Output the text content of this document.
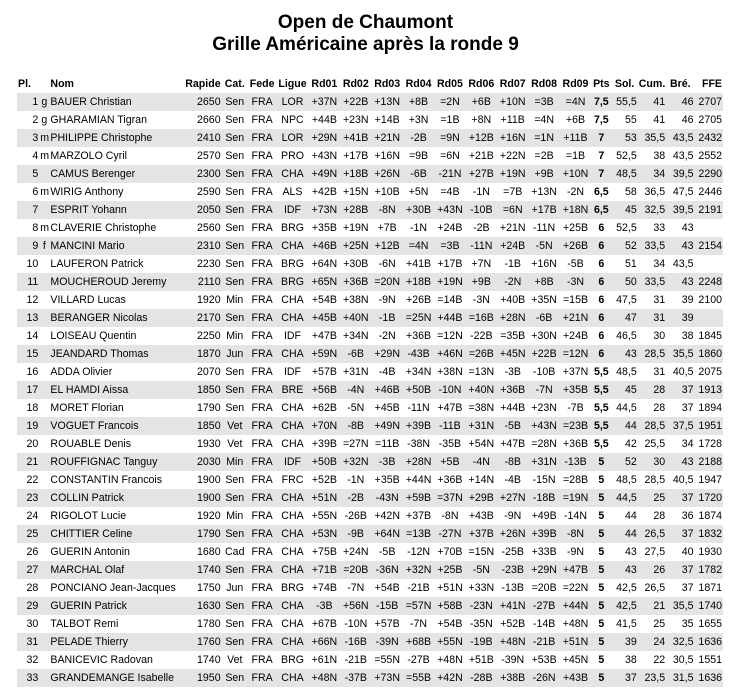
Open de Chaumont
Grille Américaine après la ronde 9
Pl.		Nom	Rapide	Cat.	Fede	Ligue	Rd01	Rd02	Rd03	Rd04	Rd05	Rd06	Rd07	Rd08	Rd09	Pts	Sol.	Cum.	Bré.	FFE
1	g	BAUER Christian	2650	Sen	FRA	LOR	+37N	+22B	+13N	+8B	=2N	+6B	+10N	=3B	=4N	7,5	55,5	41	46	2707
2	g	GHARAMIAN Tigran	2660	Sen	FRA	NPC	+44B	+23N	+14B	+3N	=1B	+8N	+11B	=4N	+6B	7,5	55	41	46	2705
3	m	PHILIPPE Christophe	2410	Sen	FRA	LOR	+29N	+41B	+21N	-2B	=9N	+12B	+16N	=1N	+11B	7	53	35,5	43,5	2432
4	m	MARZOLO Cyril	2570	Sen	FRA	PRO	+43N	+17B	+16N	=9B	=6N	+21B	+22N	=2B	=1B	7	52,5	38	43,5	2552
5		CAMUS Berenger	2300	Sen	FRA	CHA	+49N	+18B	+26N	-6B	-21N	+27B	+19N	+9B	+10N	7	48,5	34	39,5	2290
6	m	WIRIG Anthony	2590	Sen	FRA	ALS	+42B	+15N	+10B	+5N	=4B	-1N	=7B	+13N	-2N	6,5	58	36,5	47,5	2446
7		ESPRIT Yohann	2050	Sen	FRA	IDF	+73N	+28B	-8N	+30B	+43N	-10B	=6N	+17B	+18N	6,5	45	32,5	39,5	2191
8	m	CLAVERIE Christophe	2560	Sen	FRA	BRG	+35B	+19N	+7B	-1N	+24B	-2B	+21N	-11N	+25B	6	52,5	33	43	
9	f	MANCINI Mario	2310	Sen	FRA	CHA	+46B	+25N	+12B	=4N	=3B	-11N	+24B	-5N	+26B	6	52	33,5	43	2154
10		LAUFERON Patrick	2230	Sen	FRA	BRG	+64N	+30B	-6N	+41B	+17B	+7N	-1B	+16N	-5B	6	51	34	43,5	
11		MOUCHEROUD Jeremy	2110	Sen	FRA	BRG	+65N	+36B	=20N	+18B	+19N	+9B	-2N	+8B	-3N	6	50	33,5	43	2248
12		VILLARD Lucas	1920	Min	FRA	CHA	+54B	+38N	-9N	+26B	=14B	-3N	+40B	+35N	=15B	6	47,5	31	39	2100
13		BERANGER Nicolas	2170	Sen	FRA	CHA	+45B	+40N	-1B	=25N	+44B	=16B	+28N	-6B	+21N	6	47	31	39	
14		LOISEAU Quentin	2250	Min	FRA	IDF	+47B	+34N	-2N	+36B	=12N	-22B	=35B	+30N	+24B	6	46,5	30	38	1845
15		JEANDARD Thomas	1870	Jun	FRA	CHA	+59N	-6B	+29N	-43B	+46N	=26B	+45N	+22B	=12N	6	43	28,5	35,5	1860
16		ADDA Olivier	2070	Sen	FRA	IDF	+57B	+31N	-4B	+34N	+38N	=13N	-3B	-10B	+37N	5,5	48,5	31	40,5	2075
17		EL HAMDI Aissa	1850	Sen	FRA	BRE	+56B	-4N	+46B	+50B	-10N	+40N	+36B	-7N	+35B	5,5	45	28	37	1913
18		MORET Florian	1790	Sen	FRA	CHA	+62B	-5N	+45B	-11N	+47B	=38N	+44B	+23N	-7B	5,5	44,5	28	37	1894
19		VOGUET Francois	1850	Vet	FRA	CHA	+70N	-8B	+49N	+39B	-11B	+31N	-5B	+43N	=23B	5,5	44	28,5	37,5	1951
20		ROUABLE Denis	1930	Vet	FRA	CHA	+39B	=27N	=11B	-38N	-35B	+54N	+47B	=28N	+36B	5,5	42	25,5	34	1728
21		ROUFFIGNAC Tanguy	2030	Min	FRA	IDF	+50B	+32N	-3B	+28N	+5B	-4N	-8B	+31N	-13B	5	52	30	43	2188
22		CONSTANTIN Francois	1900	Sen	FRA	FRC	+52B	-1N	+35B	+44N	+36B	+14N	-4B	-15N	=28B	5	48,5	28,5	40,5	1947
23		COLLIN Patrick	1900	Sen	FRA	CHA	+51N	-2B	-43N	+59B	=37N	+29B	+27N	-18B	=19N	5	44,5	25	37	1720
24		RIGOLOT Lucie	1920	Min	FRA	CHA	+55N	-26B	+42N	+37B	-8N	+43B	-9N	+49B	-14N	5	44	28	36	1874
25		CHITTIER Celine	1790	Sen	FRA	CHA	+53N	-9B	+64N	=13B	-27N	+37B	+26N	+39B	-8N	5	44	26,5	37	1832
26		GUERIN Antonin	1680	Cad	FRA	CHA	+75B	+24N	-5B	-12N	+70B	=15N	-25B	+33B	-9N	5	43	27,5	40	1930
27		MARCHAL Olaf	1740	Sen	FRA	CHA	+71B	=20B	-36N	+32N	+25B	-5N	-23B	+29N	+47B	5	43	26	37	1782
28		PONCIANO Jean-Jacques	1750	Jun	FRA	BRG	+74B	-7N	+54B	-21B	+51N	+33N	-13B	=20B	=22N	5	42,5	26,5	37	1871
29		GUERIN Patrick	1630	Sen	FRA	CHA	-3B	+56N	-15B	=57N	+58B	-23N	+41N	-27B	+44N	5	42,5	21	35,5	1740
30		TALBOT Remi	1780	Sen	FRA	CHA	+67B	-10N	+57B	-7N	+54B	-35N	+52B	-14B	+48N	5	41,5	25	35	1655
31		PELADE Thierry	1760	Sen	FRA	CHA	+66N	-16B	-39N	+68B	+55N	-19B	+48N	-21B	+51N	5	39	24	32,5	1636
32		BANICEVIC Radovan	1740	Vet	FRA	BRG	+61N	-21B	=55N	-27B	+48N	+51B	-39N	+53B	+45N	5	38	22	30,5	1551
33		GRANDEMANGE Isabelle	1950	Sen	FRA	CHA	+48N	-37B	+73N	=55B	+42N	-28B	+38B	-26N	+43B	5	37	23,5	31,5	1636
